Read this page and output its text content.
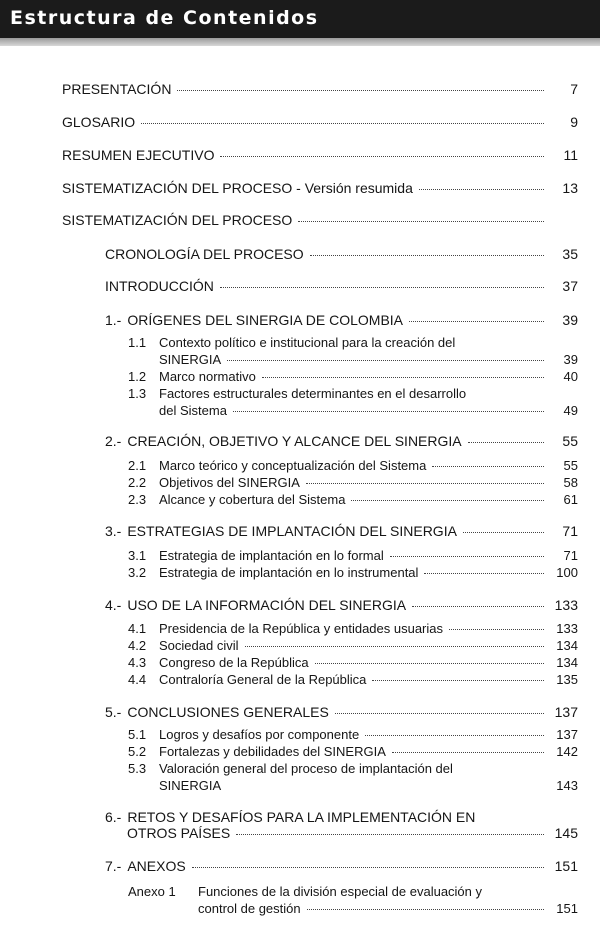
Estructura de Contenidos
PRESENTACIÓN	7
GLOSARIO	9
RESUMEN EJECUTIVO	11
SISTEMATIZACIÓN DEL PROCESO - Versión resumida	13
SISTEMATIZACIÓN DEL PROCESO
CRONOLOGÍA DEL PROCESO	35
INTRODUCCIÓN	37
1.- ORÍGENES DEL SINERGIA DE COLOMBIA	39
1.1 Contexto político e institucional para la creación del
SINERGIA	39
1.2 Marco normativo	40
1.3 Factores estructurales determinantes en el desarrollo
del Sistema	49
2.- CREACIÓN, OBJETIVO Y ALCANCE DEL SINERGIA	55
2.1 Marco teórico y conceptualización del Sistema	55
2.2 Objetivos del SINERGIA	58
2.3 Alcance y cobertura del Sistema	61
3.- ESTRATEGIAS DE IMPLANTACIÓN DEL SINERGIA	71
3.1 Estrategia de implantación en lo formal	71
3.2 Estrategia de implantación en lo instrumental	100
4.- USO DE LA INFORMACIÓN DEL SINERGIA	133
4.1 Presidencia de la República y entidades usuarias	133
4.2 Sociedad civil	134
4.3 Congreso de la República	134
4.4 Contraloría General de la República	135
5.- CONCLUSIONES GENERALES	137
5.1 Logros y desafíos por componente	137
5.2 Fortalezas y debilidades del SINERGIA	142
5.3 Valoración general del proceso de implantación del
SINERGIA	143
6.- RETOS Y DESAFÍOS PARA LA IMPLEMENTACIÓN EN
OTROS PAÍSES	145
7.- ANEXOS	151
Anexo 1	Funciones de la división especial de evaluación y
control de gestión	151
